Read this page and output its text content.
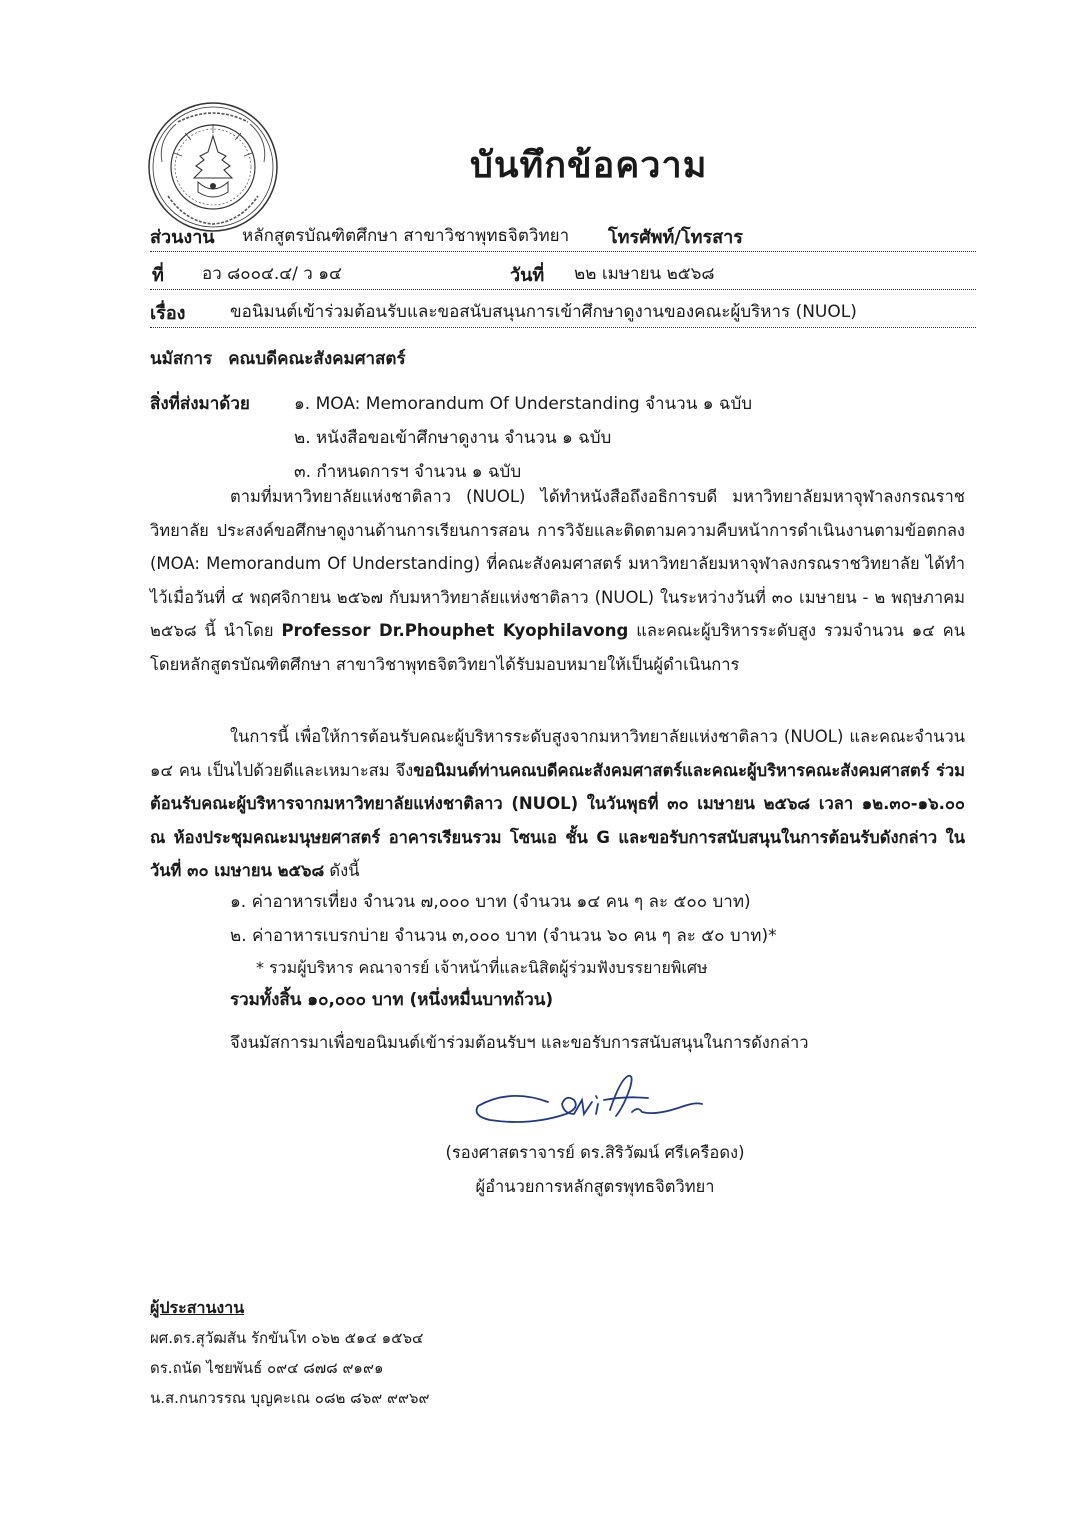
บันทึกข้อความ
ส่วนงาน หลักสูตรบัณฑิตศึกษา สาขาวิชาพุทธจิตวิทยา โทรศัพท์/โทรสาร
ที่ อว ๘๐๐๔.๔/ ว ๑๔	วันที่ ๒๒ เมษายน ๒๕๖๘
เรื่อง	ขอนิมนต์เข้าร่วมต้อนรับและขอสนับสนุนการเข้าศึกษาดูงานของคณะผู้บริหาร (NUOL)
นมัสการ คณบดีคณะสังคมศาสตร์
สิ่งที่ส่งมาด้วย	๑. MOA: Memorandum Of Understanding จำนวน ๑ ฉบับ
๒. หนังสือขอเข้าศึกษาดูงาน จำนวน ๑ ฉบับ
๓. กำหนดการฯ จำนวน ๑ ฉบับ

ตามที่มหาวิทยาลัยแห่งชาติลาว (NUOL) ได้ทำหนังสือถึงอธิการบดี มหาวิทยาลัยมหาจุฬาลงกรณราชวิทยาลัย ประสงค์ขอศึกษาดูงานด้านการเรียนการสอน การวิจัยและติดตามความคืบหน้าการดำเนินงานตามข้อตกลง (MOA: Memorandum Of Understanding) ที่คณะสังคมศาสตร์ มหาวิทยาลัยมหาจุฬาลงกรณราชวิทยาลัย ได้ทำไว้เมื่อวันที่ ๔ พฤศจิกายน ๒๕๖๗ กับมหาวิทยาลัยแห่งชาติลาว (NUOL) ในระหว่างวันที่ ๓๐ เมษายน - ๒ พฤษภาคม ๒๕๖๘ นี้ นำโดย Professor Dr.Phouphet Kyophilavong และคณะผู้บริหารระดับสูง รวมจำนวน ๑๔ คน โดยหลักสูตรบัณฑิตศึกษา สาขาวิชาพุทธจิตวิทยาได้รับมอบหมายให้เป็นผู้ดำเนินการ

ในการนี้ เพื่อให้การต้อนรับคณะผู้บริหารระดับสูงจากมหาวิทยาลัยแห่งชาติลาว (NUOL) และคณะจำนวน ๑๔ คน เป็นไปด้วยดีและเหมาะสม จึงขอนิมนต์ท่านคณบดีคณะสังคมศาสตร์และคณะผู้บริหารคณะสังคมศาสตร์ ร่วมต้อนรับคณะผู้บริหารจากมหาวิทยาลัยแห่งชาติลาว (NUOL) ในวันพุธที่ ๓๐ เมษายน ๒๕๖๘ เวลา ๑๒.๓๐-๑๖.๐๐ ณ ห้องประชุมคณะมนุษยศาสตร์ อาคารเรียนรวม โซนเอ ชั้น G และขอรับการสนับสนุนในการต้อนรับดังกล่าว ในวันที่ ๓๐ เมษายน ๒๕๖๘ ดังนี้

๑. ค่าอาหารเที่ยง จำนวน ๗,๐๐๐ บาท (จำนวน ๑๔ คน ๆ ละ ๕๐๐ บาท)
๒. ค่าอาหารเบรกบ่าย จำนวน ๓,๐๐๐ บาท (จำนวน ๖๐ คน ๆ ละ ๕๐ บาท)*
* รวมผู้บริหาร คณาจารย์ เจ้าหน้าที่และนิสิตผู้ร่วมฟังบรรยายพิเศษ
รวมทั้งสิ้น ๑๐,๐๐๐ บาท (หนึ่งหมื่นบาทถ้วน)
จึงนมัสการมาเพื่อขอนิมนต์เข้าร่วมต้อนรับฯ และขอรับการสนับสนุนในการดังกล่าว
(รองศาสตราจารย์ ดร.สิริวัฒน์ ศรีเครือดง)
ผู้อำนวยการหลักสูตรพุทธจิตวิทยา
ผู้ประสานงาน
ผศ.ดร.สุวัฒสัน รักขันโท ๐๖๒ ๕๑๔ ๑๕๖๔
ดร.ถนัด ไชยพันธ์ ๐๙๔ ๘๗๘ ๙๑๙๑
น.ส.กนกวรรณ บุญคะเณ ๐๘๒ ๘๖๙ ๙๙๖๙
